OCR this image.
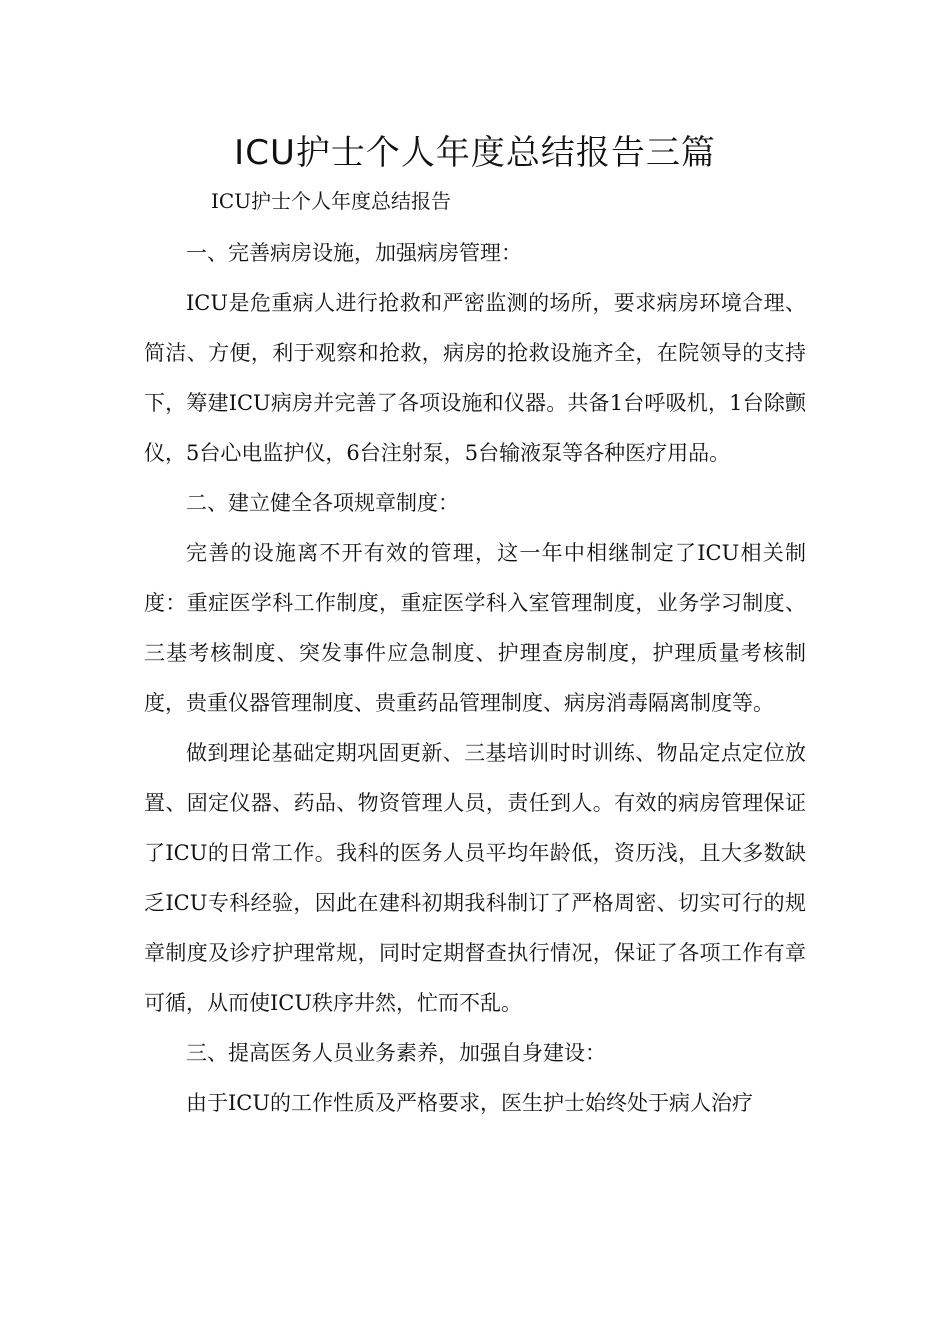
ICU护士个人年度总结报告三篇

ICU护士个人年度总结报告

一、完善病房设施，加强病房管理：

ICU是危重病人进行抢救和严密监测的场所，要求病房环境合理、简洁、方便，利于观察和抢救，病房的抢救设施齐全，在院领导的支持下，筹建ICU病房并完善了各项设施和仪器。共备1台呼吸机，1台除颤仪，5台心电监护仪，6台注射泵，5台输液泵等各种医疗用品。

二、建立健全各项规章制度：

完善的设施离不开有效的管理，这一年中相继制定了ICU相关制度：重症医学科工作制度，重症医学科入室管理制度，业务学习制度、三基考核制度、突发事件应急制度、护理查房制度，护理质量考核制度，贵重仪器管理制度、贵重药品管理制度、病房消毒隔离制度等。

做到理论基础定期巩固更新、三基培训时时训练、物品定点定位放置、固定仪器、药品、物资管理人员，责任到人。有效的病房管理保证了ICU的日常工作。我科的医务人员平均年龄低，资历浅，且大多数缺乏ICU专科经验，因此在建科初期我科制订了严格周密、切实可行的规章制度及诊疗护理常规，同时定期督查执行情况，保证了各项工作有章可循，从而使ICU秩序井然，忙而不乱。

三、提高医务人员业务素养，加强自身建设：

由于ICU的工作性质及严格要求，医生护士始终处于病人治疗
